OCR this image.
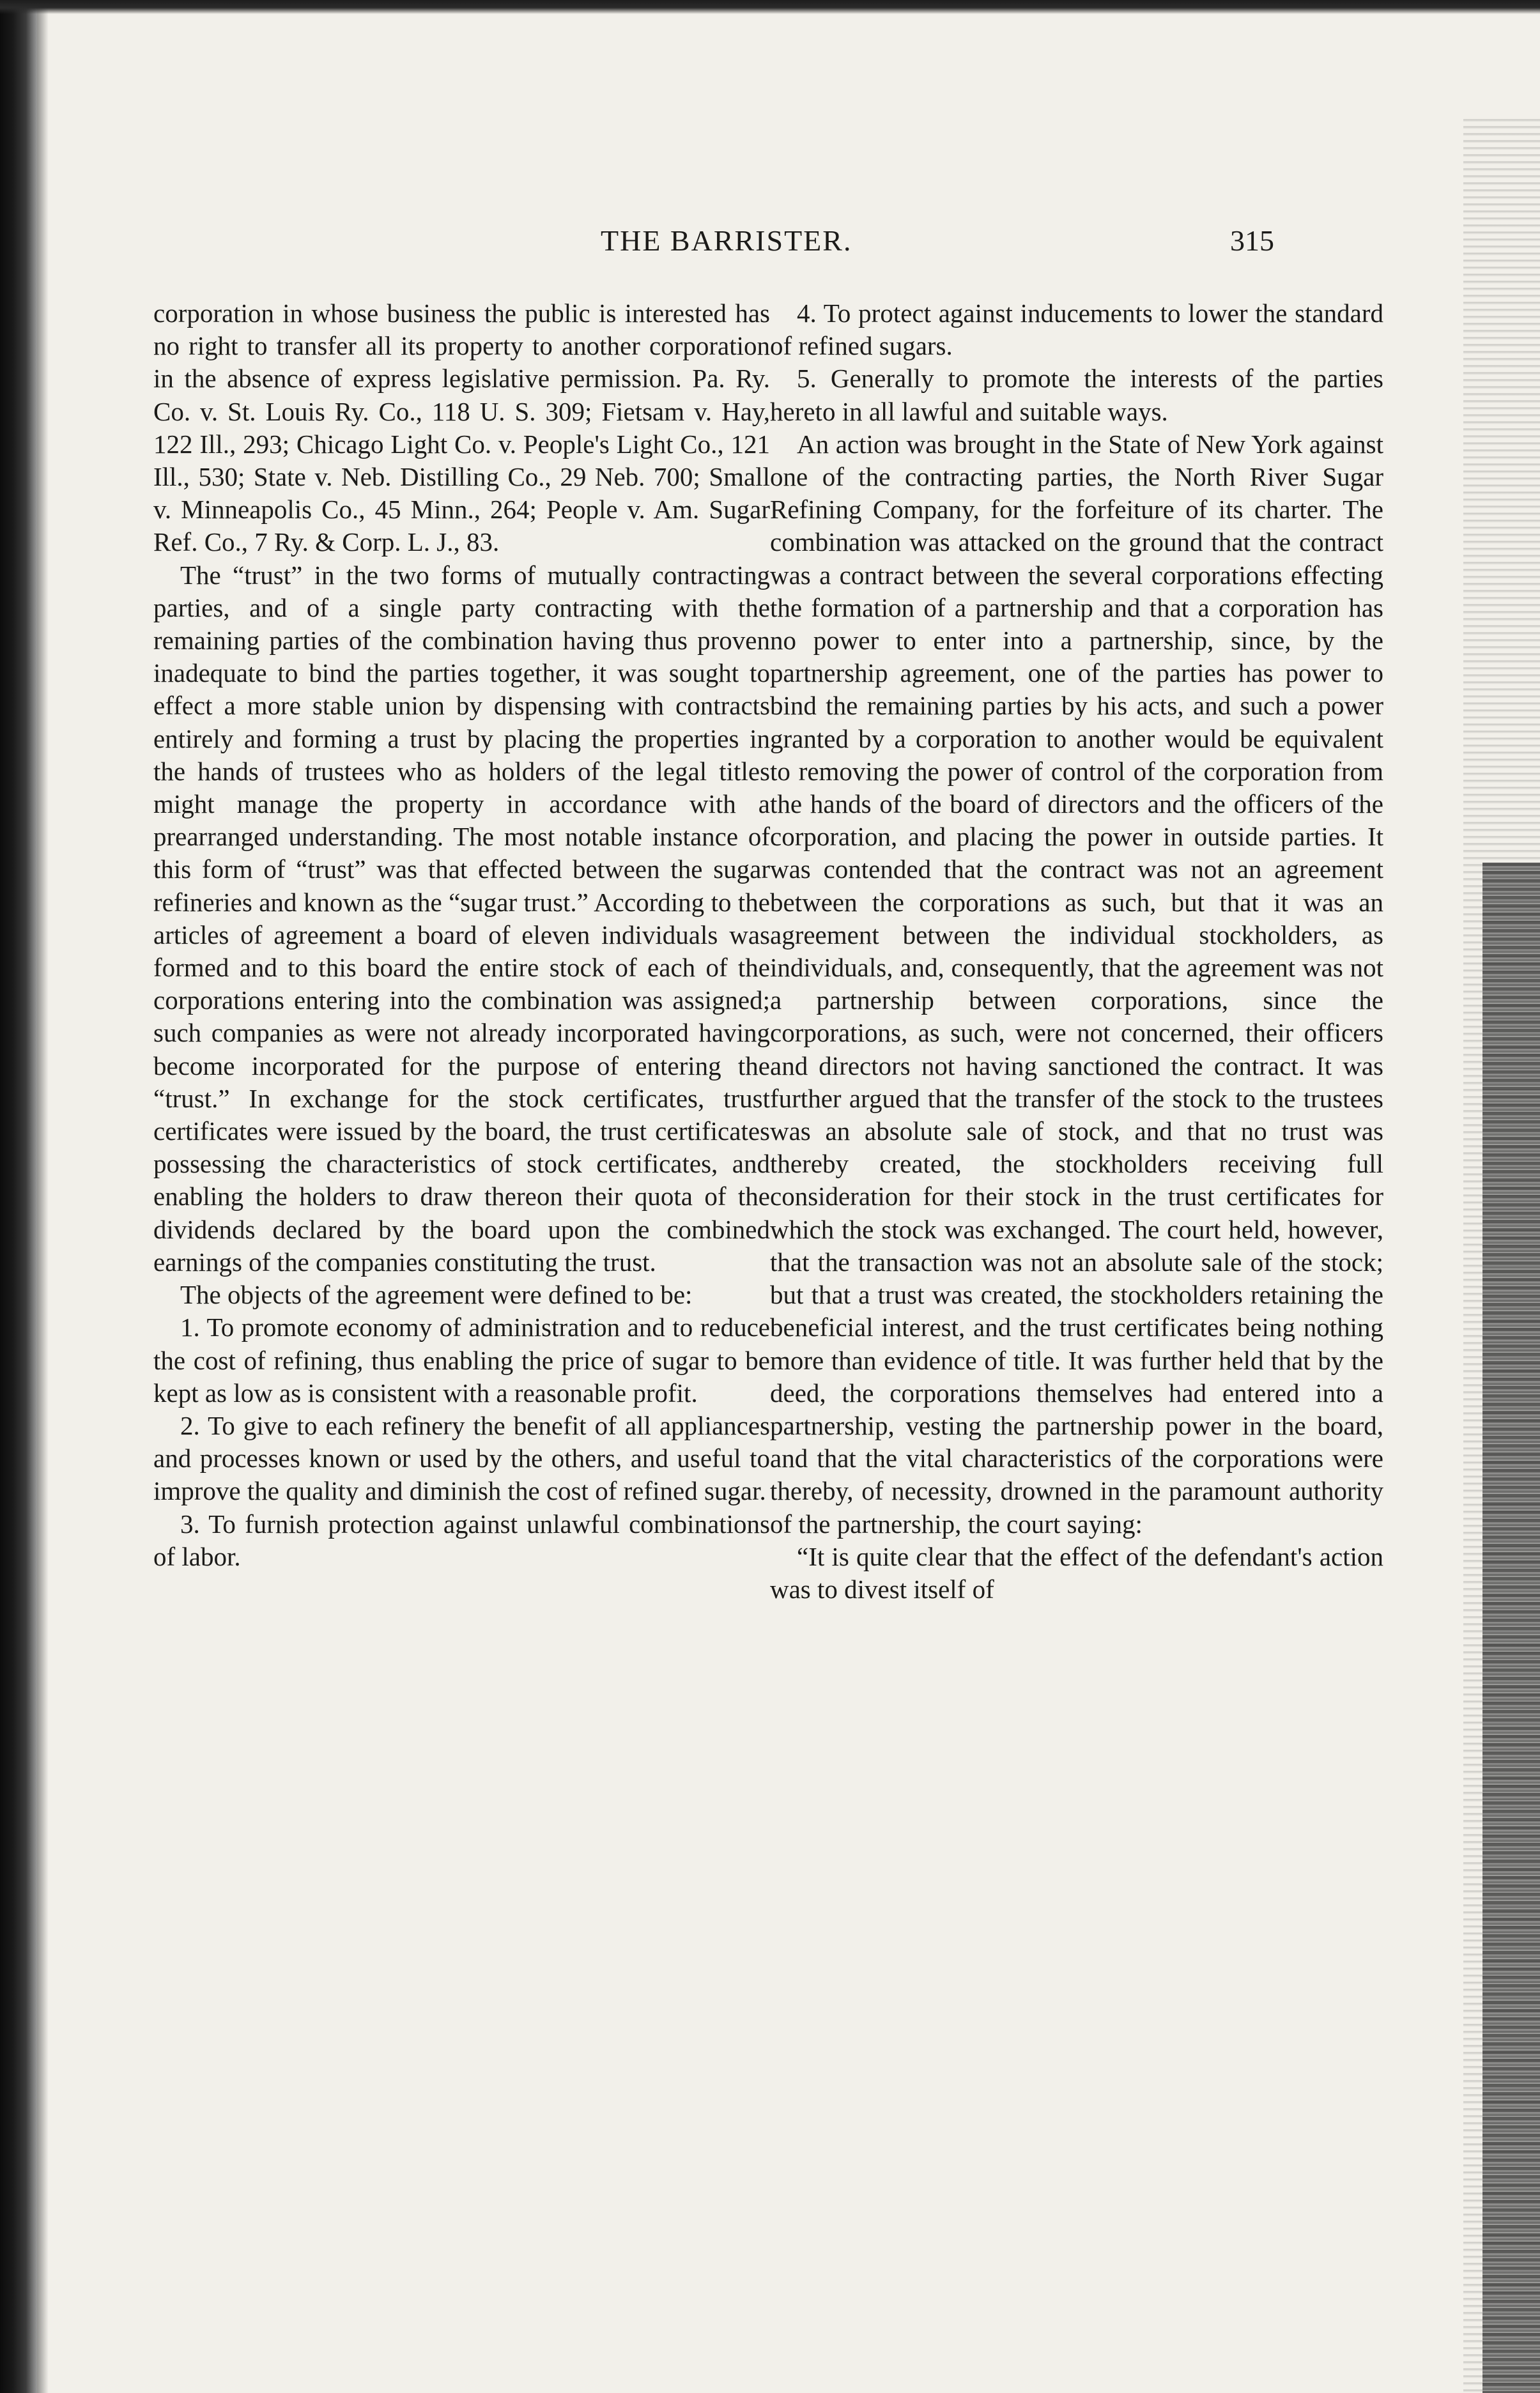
THE BARRISTER.	315

corporation in whose business the public is interested has no right to transfer all its property to another corporation in the absence of express legislative permission. Pa. Ry. Co. v. St. Louis Ry. Co., 118 U. S. 309; Fietsam v. Hay, 122 Ill., 293; Chicago Light Co. v. People's Light Co., 121 Ill., 530; State v. Neb. Distilling Co., 29 Neb. 700; Small v. Minneapolis Co., 45 Minn., 264; People v. Am. Sugar Ref. Co., 7 Ry. & Corp. L. J., 83.

The “trust” in the two forms of mutually contracting parties, and of a single party contracting with the remaining parties of the combination having thus proven inadequate to bind the parties together, it was sought to effect a more stable union by dispensing with contracts entirely and forming a trust by placing the properties in the hands of trustees who as holders of the legal titles might manage the property in accordance with a prearranged understanding. The most notable instance of this form of “trust” was that effected between the sugar refineries and known as the “sugar trust.” According to the articles of agreement a board of eleven individuals was formed and to this board the entire stock of each of the corporations entering into the combination was assigned; such companies as were not already incorporated having become incorporated for the purpose of entering the “trust.” In exchange for the stock certificates, trust certificates were issued by the board, the trust certificates possessing the characteristics of stock certificates, and enabling the holders to draw thereon their quota of the dividends declared by the board upon the combined earnings of the companies constituting the trust.

The objects of the agreement were defined to be:

1. To promote economy of administration and to reduce the cost of refining, thus enabling the price of sugar to be kept as low as is consistent with a reasonable profit.

2. To give to each refinery the benefit of all appliances and processes known or used by the others, and useful to improve the quality and diminish the cost of refined sugar.

3. To furnish protection against unlawful combinations of labor.

4. To protect against inducements to lower the standard of refined sugars.

5. Generally to promote the interests of the parties hereto in all lawful and suitable ways.

An action was brought in the State of New York against one of the contracting parties, the North River Sugar Refining Company, for the forfeiture of its charter. The combination was attacked on the ground that the contract was a contract between the several corporations effecting the formation of a partnership and that a corporation has no power to enter into a partnership, since, by the partnership agreement, one of the parties has power to bind the remaining parties by his acts, and such a power granted by a corporation to another would be equivalent to removing the power of control of the corporation from the hands of the board of directors and the officers of the corporation, and placing the power in outside parties. It was contended that the contract was not an agreement between the corporations as such, but that it was an agreement between the individual stockholders, as individuals, and, consequently, that the agreement was not a partnership between corporations, since the corporations, as such, were not concerned, their officers and directors not having sanctioned the contract. It was further argued that the transfer of the stock to the trustees was an absolute sale of stock, and that no trust was thereby created, the stockholders receiving full consideration for their stock in the trust certificates for which the stock was exchanged. The court held, however, that the transaction was not an absolute sale of the stock; but that a trust was created, the stockholders retaining the beneficial interest, and the trust certificates being nothing more than evidence of title. It was further held that by the deed, the corporations themselves had entered into a partnership, vesting the partnership power in the board, and that the vital characteristics of the corporations were thereby, of necessity, drowned in the paramount authority of the partnership, the court saying:

“It is quite clear that the effect of the defendant's action was to divest itself of
